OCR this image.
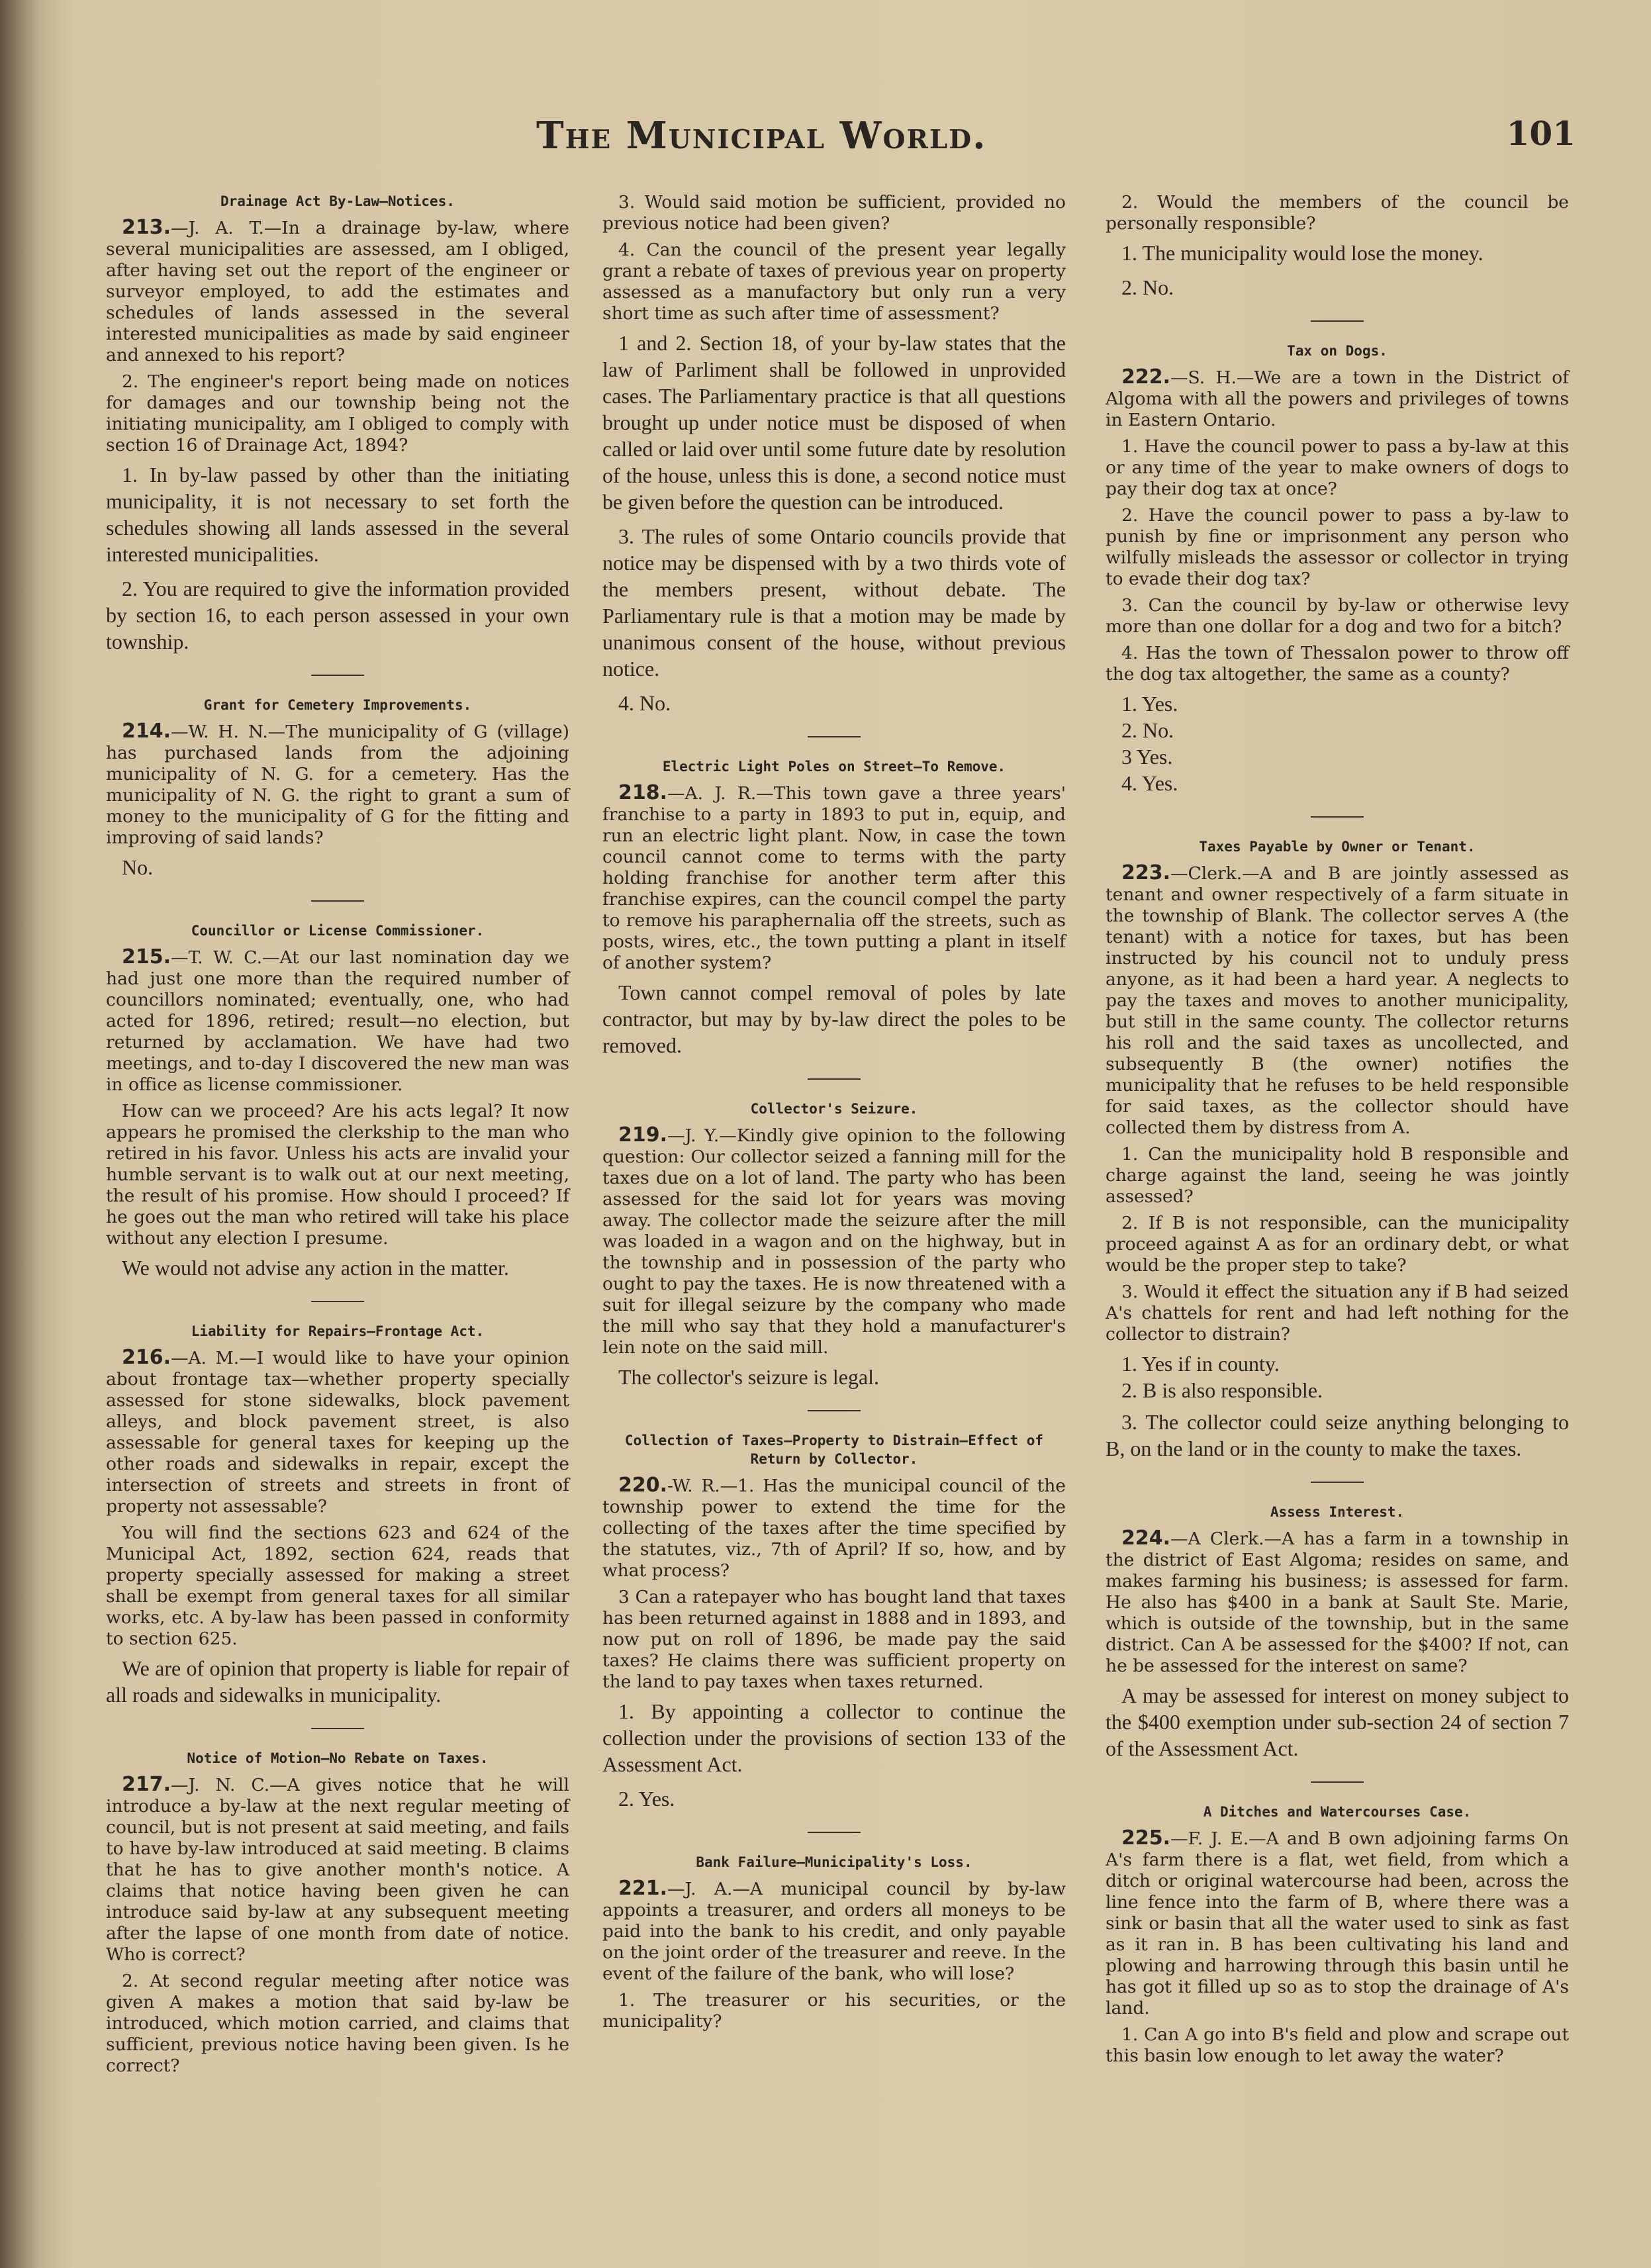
The Municipal World.	101
Drainage Act By-Law—Notices.

213.—J. A. T.—In a drainage by-law, where several municipalities are assessed, am I obliged, after having set out the report of the engineer or surveyor employed, to add the estimates and schedules of lands assessed in the several interested municipalities as made by said engineer and annexed to his report?

2. The engineer's report being made on notices for damages and our township being not the initiating municipality, am I obliged to comply with section 16 of Drainage Act, 1894?

1. In by-law passed by other than the initiating municipality, it is not necessary to set forth the schedules showing all lands assessed in the several interested municipalities.

2. You are required to give the information provided by section 16, to each person assessed in your own township.

Grant for Cemetery Improvements.

214.—W. H. N.—The municipality of G (village) has purchased lands from the adjoining municipality of N. G. for a cemetery. Has the municipality of N. G. the right to grant a sum of money to the municipality of G for the fitting and improving of said lands?

No.

Councillor or License Commissioner.

215.—T. W. C.—At our last nomination day we had just one more than the required number of councillors nominated; eventually, one, who had acted for 1896, retired; result—no election, but returned by acclamation. We have had two meetings, and to-day I discovered the new man was in office as license commissioner.

How can we proceed? Are his acts legal? It now appears he promised the clerkship to the man who retired in his favor. Unless his acts are invalid your humble servant is to walk out at our next meeting, the result of his promise. How should I proceed? If he goes out the man who retired will take his place without any election I presume.

We would not advise any action in the matter.

Liability for Repairs—Frontage Act.

216.—A. M.—I would like to have your opinion about frontage tax—whether property specially assessed for stone sidewalks, block pavement alleys, and block pavement street, is also assessable for general taxes for keeping up the other roads and sidewalks in repair, except the intersection of streets and streets in front of property not assessable?

You will find the sections 623 and 624 of the Municipal Act, 1892, section 624, reads that property specially assessed for making a street shall be exempt from general taxes for all similar works, etc. A by-law has been passed in conformity to section 625.

We are of opinion that property is liable for repair of all roads and sidewalks in municipality.

Notice of Motion—No Rebate on Taxes.

217.—J. N. C.—A gives notice that he will introduce a by-law at the next regular meeting of council, but is not present at said meeting, and fails to have by-law introduced at said meeting. B claims that he has to give another month's notice. A claims that notice having been given he can introduce said by-law at any subsequent meeting after the lapse of one month from date of notice. Who is correct?

2. At second regular meeting after notice was given A makes a motion that said by-law be introduced, which motion carried, and claims that sufficient, previous notice having been given. Is he correct?

3. Would said motion be sufficient, provided no previous notice had been given?

4. Can the council of the present year legally grant a rebate of taxes of previous year on property assessed as a manufactory but only run a very short time as such after time of assessment?

1 and 2. Section 18, of your by-law states that the law of Parliment shall be followed in unprovided cases. The Parliamentary practice is that all questions brought up under notice must be disposed of when called or laid over until some future date by resolution of the house, unless this is done, a second notice must be given before the question can be introduced.

3. The rules of some Ontario councils provide that notice may be dispensed with by a two thirds vote of the members present, without debate. The Parliamentary rule is that a motion may be made by unanimous consent of the house, without previous notice.

4. No.

Electric Light Poles on Street—To Remove.

218.—A. J. R.—This town gave a three years' franchise to a party in 1893 to put in, equip, and run an electric light plant. Now, in case the town council cannot come to terms with the party holding franchise for another term after this franchise expires, can the council compel the party to remove his paraphernalia off the streets, such as posts, wires, etc., the town putting a plant in itself of another system?

Town cannot compel removal of poles by late contractor, but may by by-law direct the poles to be removed.

Collector's Seizure.

219.—J. Y.—Kindly give opinion to the following question: Our collector seized a fanning mill for the taxes due on a lot of land. The party who has been assessed for the said lot for years was moving away. The collector made the seizure after the mill was loaded in a wagon and on the highway, but in the township and in possession of the party who ought to pay the taxes. He is now threatened with a suit for illegal seizure by the company who made the mill who say that they hold a manufacturer's lein note on the said mill.

The collector's seizure is legal.

Collection of Taxes—Property to Distrain—Effect of Return by Collector.

220.-W. R.—1. Has the municipal council of the township power to extend the time for the collecting of the taxes after the time specified by the statutes, viz., 7th of April? If so, how, and by what process?

3 Can a ratepayer who has bought land that taxes has been returned against in 1888 and in 1893, and now put on roll of 1896, be made pay the said taxes? He claims there was sufficient property on the land to pay taxes when taxes returned.

1. By appointing a collector to continue the collection under the provisions of section 133 of the Assessment Act.

2. Yes.

Bank Failure—Municipality's Loss.

221.—J. A.—A municipal council by by-law appoints a treasurer, and orders all moneys to be paid into the bank to his credit, and only payable on the joint order of the treasurer and reeve. In the event of the failure of the bank, who will lose?

1. The treasurer or his securities, or the municipality?

2. Would the members of the council be personally responsible?

1. The municipality would lose the money.

2. No.

Tax on Dogs.

222.—S. H.—We are a town in the District of Algoma with all the powers and privileges of towns in Eastern Ontario.

1. Have the council power to pass a by-law at this or any time of the year to make owners of dogs to pay their dog tax at once?

2. Have the council power to pass a by-law to punish by fine or imprisonment any person who wilfully misleads the assessor or collector in trying to evade their dog tax?

3. Can the council by by-law or otherwise levy more than one dollar for a dog and two for a bitch?

4. Has the town of Thessalon power to throw off the dog tax altogether, the same as a county?

1. Yes.

2. No.

3 Yes.

4. Yes.

Taxes Payable by Owner or Tenant.

223.—Clerk.—A and B are jointly assessed as tenant and owner respectively of a farm situate in the township of Blank. The collector serves A (the tenant) with a notice for taxes, but has been instructed by his council not to unduly press anyone, as it had been a hard year. A neglects to pay the taxes and moves to another municipality, but still in the same county. The collector returns his roll and the said taxes as uncollected, and subsequently B (the owner) notifies the municipality that he refuses to be held responsible for said taxes, as the collector should have collected them by distress from A.

1. Can the municipality hold B responsible and charge against the land, seeing he was jointly assessed?

2. If B is not responsible, can the municipality proceed against A as for an ordinary debt, or what would be the proper step to take?

3. Would it effect the situation any if B had seized A's chattels for rent and had left nothing for the collector to distrain?

1. Yes if in county.

2. B is also responsible.

3. The collector could seize anything belonging to B, on the land or in the county to make the taxes.

Assess Interest.

224.—A Clerk.—A has a farm in a township in the district of East Algoma; resides on same, and makes farming his business; is assessed for farm. He also has $400 in a bank at Sault Ste. Marie, which is outside of the township, but in the same district. Can A be assessed for the $400? If not, can he be assessed for the interest on same?

A may be assessed for interest on money subject to the $400 exemption under sub-section 24 of section 7 of the Assessment Act.

A Ditches and Watercourses Case.

225.—F. J. E.—A and B own adjoining farms On A's farm there is a flat, wet field, from which a ditch or original watercourse had been, across the line fence into the farm of B, where there was a sink or basin that all the water used to sink as fast as it ran in. B has been cultivating his land and plowing and harrowing through this basin until he has got it filled up so as to stop the drainage of A's land.

1. Can A go into B's field and plow and scrape out this basin low enough to let away the water?
